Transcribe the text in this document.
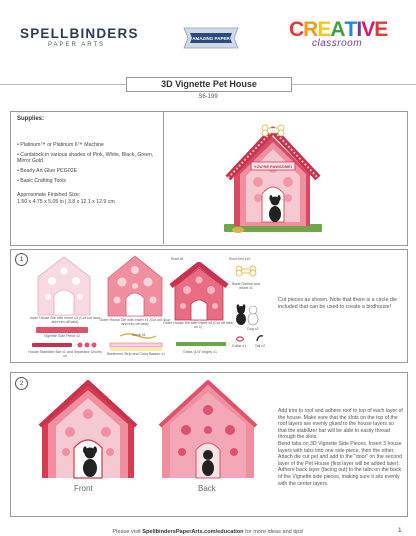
SPELLBINDERS
PAPER ARTS
AMAZING PAPER	CREATIVE
classroom
3D Vignette Pet House
S6-199
Supplies:
• Platinum™ or Platinum 6™ Machine
• Cardstock in various shades of Pink, White, Black, Green, Mirror Gold
• Bearly Art Glue PCG02E
• Basic Crafting Tools
Approximate Finished Size:
1.50 x 4.75 x 5.05 in | 3.8 x 12.1 x 12.9 cm
YOU'RE PAWSOME!
1
Inner House Die with Insert x3 (Cut out door and trim off tabs)
Outer House Die with Insert x1 (Cut out door and trim off tabs)
Roof x8	Roof trim x10
Outer House Die with Insert x4 (Cut off tabs on 1)
Bone Outline and Insert x1
Dog x2
Collar x1	Tail x2
Vignette Side Piece x2
House Stabilizer Bar x1 and Separator Circles x4
Scroll x1
Sentiment Strip and Color Backer x1	Grass (1/4" bright) x1
Cut pieces as shown. Note that there is a circle die included that can be used to create a birdhouse!
2
Front	Back
Add trim to roof and adhere roof to top of each layer of the house. Make sure that the slots on the top of the roof layers are evenly glued to the house layers so that the stabilizer bar will be able to easily thread through the slots.
Bend tabs on 3D Vignette Side Pieces. Insert 3 house layers with tabs into one side piece, then the other.
Attach die cut pet and add to the “door” on the second layer of the Pet House (first layer will be added later).
Adhere back layer (facing out) to the tabs on the back of the Vignette side pieces, making sure it sits evenly with the center layers.
Please visit SpellbindersPaperArts.com/education for more ideas and tips!	1
